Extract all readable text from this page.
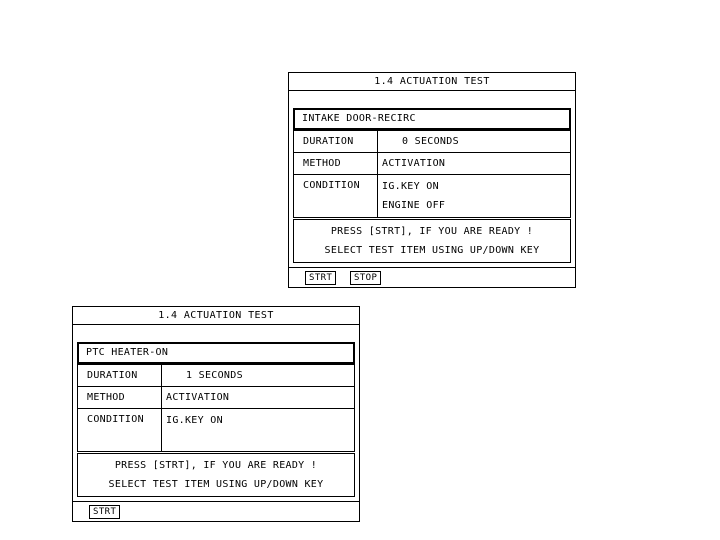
1.4 ACTUATION TEST
INTAKE DOOR-RECIRC
DURATION	0 SECONDS
METHOD	ACTIVATION
CONDITION	IG.KEY ON
ENGINE OFF
PRESS [STRT], IF YOU ARE READY !
SELECT TEST ITEM USING UP/DOWN KEY
STRT	STOP
1.4 ACTUATION TEST
PTC HEATER-ON
DURATION	1 SECONDS
METHOD	ACTIVATION
CONDITION	IG.KEY ON
PRESS [STRT], IF YOU ARE READY !
SELECT TEST ITEM USING UP/DOWN KEY
STRT
